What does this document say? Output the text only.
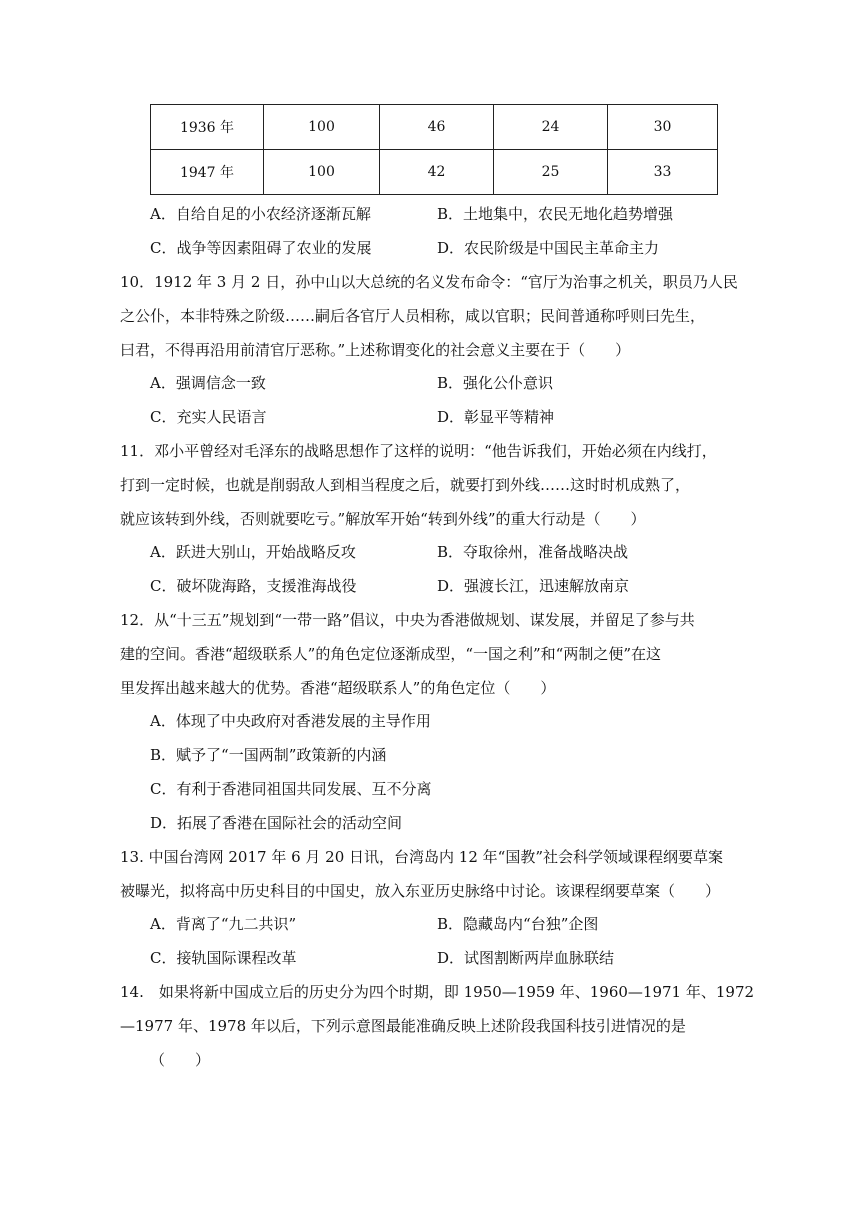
1936 年	100	46	24	30
1947 年	100	42	25	33
A．自给自足的小农经济逐渐瓦解	B．土地集中，农民无地化趋势增强
C．战争等因素阻碍了农业的发展	D．农民阶级是中国民主革命主力
10．1912 年 3 月 2 日，孙中山以大总统的名义发布命令：“官厅为治事之机关，职员乃人民
之公仆，本非特殊之阶级……嗣后各官厅人员相称，咸以官职；民间普通称呼则曰先生，
曰君，不得再沿用前清官厅恶称。”上述称谓变化的社会意义主要在于（　　）
A．强调信念一致	B．强化公仆意识
C．充实人民语言	D．彰显平等精神
11．邓小平曾经对毛泽东的战略思想作了这样的说明：“他告诉我们，开始必须在内线打，
打到一定时候，也就是削弱敌人到相当程度之后，就要打到外线……这时时机成熟了，
就应该转到外线，否则就要吃亏。”解放军开始“转到外线”的重大行动是（　　）
A．跃进大别山，开始战略反攻	B．夺取徐州，准备战略决战
C．破坏陇海路，支援淮海战役	D．强渡长江，迅速解放南京
12．从“十三五”规划到“一带一路”倡议，中央为香港做规划、谋发展，并留足了参与共
建的空间。香港“超级联系人”的角色定位逐渐成型，“一国之利”和“两制之便”在这
里发挥出越来越大的优势。香港“超级联系人”的角色定位（　　）
A．体现了中央政府对香港发展的主导作用
B．赋予了“一国两制”政策新的内涵
C．有利于香港同祖国共同发展、互不分离
D．拓展了香港在国际社会的活动空间
13. 中国台湾网 2017 年 6 月 20 日讯，台湾岛内 12 年“国教”社会科学领域课程纲要草案
被曝光，拟将高中历史科目的中国史，放入东亚历史脉络中讨论。该课程纲要草案（　　）
A．背离了“九二共识”	B．隐藏岛内“台独”企图
C．接轨国际课程改革	D．试图割断两岸血脉联结
14.　如果将新中国成立后的历史分为四个时期，即 1950—1959 年、1960—1971 年、1972
—1977 年、1978 年以后，下列示意图最能准确反映上述阶段我国科技引进情况的是
（　　）
